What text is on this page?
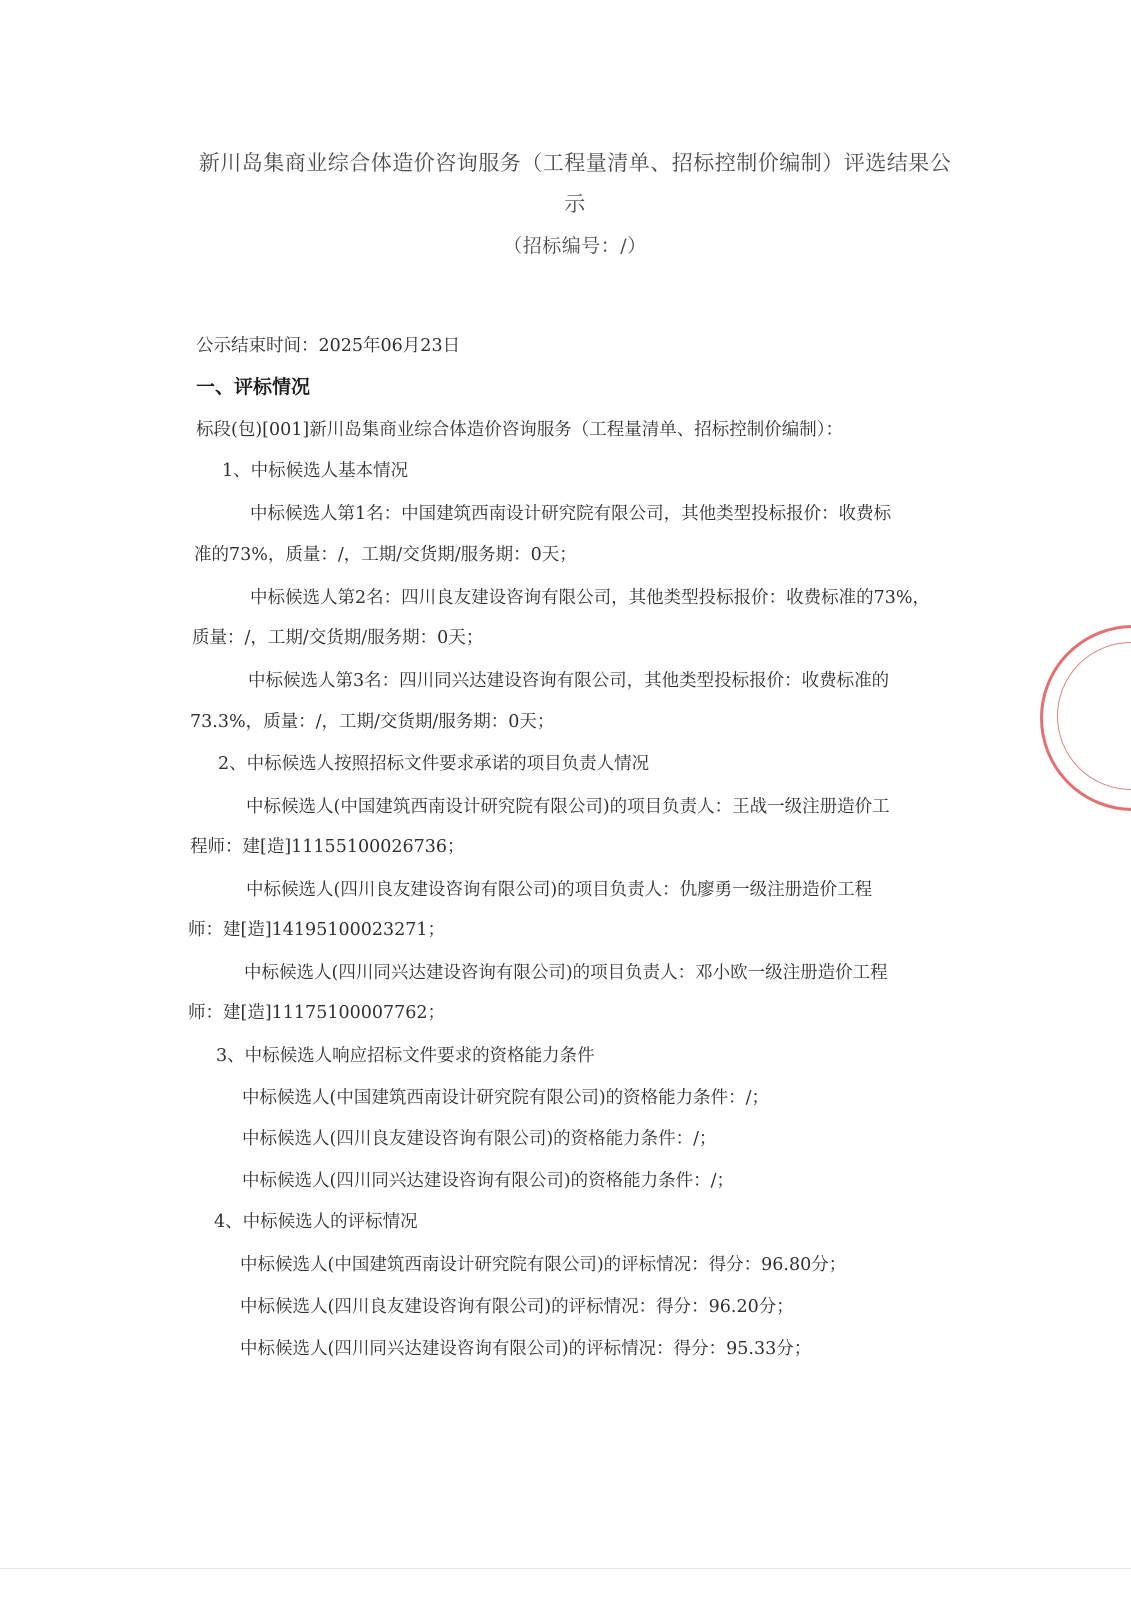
新川岛集商业综合体造价咨询服务（工程量清单、招标控制价编制）评选结果公
示
（招标编号：/）
公示结束时间：2025年06月23日
一、评标情况
标段(包)[001]新川岛集商业综合体造价咨询服务（工程量清单、招标控制价编制）：
1、中标候选人基本情况
中标候选人第1名：中国建筑西南设计研究院有限公司，其他类型投标报价：收费标
准的73%，质量：/，工期/交货期/服务期：0天；
中标候选人第2名：四川良友建设咨询有限公司，其他类型投标报价：收费标准的73%，
质量：/，工期/交货期/服务期：0天；
中标候选人第3名：四川同兴达建设咨询有限公司，其他类型投标报价：收费标准的
73.3%，质量：/，工期/交货期/服务期：0天；
2、中标候选人按照招标文件要求承诺的项目负责人情况
中标候选人(中国建筑西南设计研究院有限公司)的项目负责人：王战一级注册造价工
程师：建[造]11155100026736；
中标候选人(四川良友建设咨询有限公司)的项目负责人：仇廖勇一级注册造价工程
师：建[造]14195100023271；
中标候选人(四川同兴达建设咨询有限公司)的项目负责人：邓小欧一级注册造价工程
师：建[造]11175100007762；
3、中标候选人响应招标文件要求的资格能力条件
中标候选人(中国建筑西南设计研究院有限公司)的资格能力条件：/；
中标候选人(四川良友建设咨询有限公司)的资格能力条件：/；
中标候选人(四川同兴达建设咨询有限公司)的资格能力条件：/；
4、中标候选人的评标情况
中标候选人(中国建筑西南设计研究院有限公司)的评标情况：得分：96.80分；
中标候选人(四川良友建设咨询有限公司)的评标情况：得分：96.20分；
中标候选人(四川同兴达建设咨询有限公司)的评标情况：得分：95.33分；
